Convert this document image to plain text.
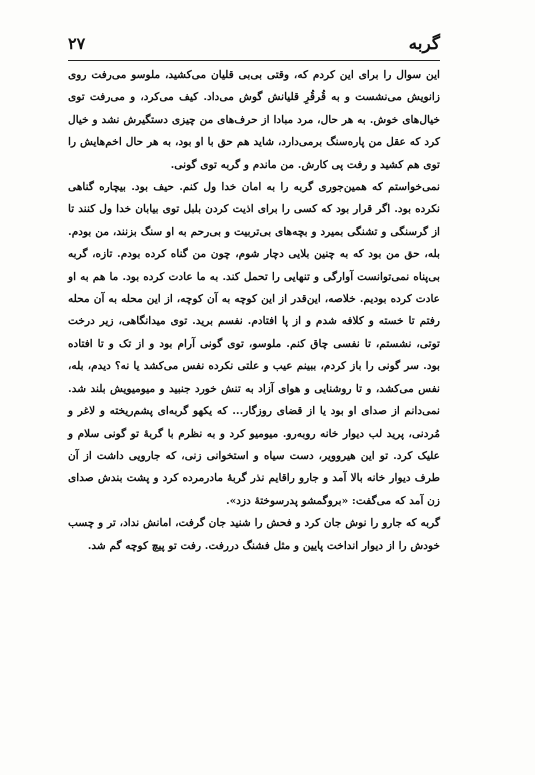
گربه
۲۷

این سوال را برای این کردم که، وقتی بی‌بی قلیان می‌کشید، ملوسو می‌رفت روی زانویش می‌نشست و به قُرقُرِ قلیانش گوش می‌داد. کیف می‌کرد، و می‌رفت توی خیال‌های خوش. به هر حال، مرد مبادا از حرف‌های من چیزی دستگیرش نشد و خیال کرد که عقل من پاره‌سنگ برمی‌دارد، شاید هم حق با او بود، به هر حال اخم‌هایش را توی هم کشید و رفت پی کارش. من ماندم و گربه توی گونی.

نمی‌خواستم که همین‌جوری گربه را به امان خدا ول کنم. حیف بود. بیچاره گناهی نکرده بود. اگر قرار بود که کسی را برای اذیت کردن بلبل توی بیابان خدا ول کنند تا از گرسنگی و تشنگی بمیرد و بچه‌های بی‌تربیت و بی‌رحم به او سنگ بزنند، من بودم. بله، حق من بود که به چنین بلایی دچار شوم، چون من گناه کرده بودم. تازه، گربه بی‌پناه نمی‌توانست آوارگی و تنهایی را تحمل کند. به ما عادت کرده بود. ما هم به او عادت کرده بودیم. خلاصه، این‌قدر از این کوچه به آن کوچه، از این محله به آن محله رفتم تا خسته و کلافه شدم و از پا افتادم. نفسم برید. توی میدانگاهی، زیر درخت توتی، نشستم، تا نفسی چاق کنم. ملوسو، توی گونی آرام بود و از تک و تا افتاده بود. سر گونی را باز کردم، ببینم عیب و علتی نکرده نفس می‌کشد یا نه؟ دیدم، بله، نفس می‌کشد، و تا روشنایی و هوای آزاد به تنش خورد جنبید و میومیویش بلند شد. نمی‌دانم از صدای او بود یا از قضای روزگار... که یکهو گربه‌ای پشم‌ریخته و لاغر و مُردنی، پرید لب دیوار خانه روبه‌رو. میومیو کرد و به نظرم با گربهٔ تو گونی سلام و علیک کرد. تو این هیروویر، دست سیاه و استخوانی زنی، که جارویی داشت از آن طرف دیوار خانه بالا آمد و جارو راقایم نذر گربهٔ مادرمرده کرد و پشت بندش صدای زن آمد که می‌گفت: «بروگمشو پدرسوختهٔ دزد».

گربه که جارو را نوش جان کرد و فحش را شنید جان گرفت، امانش نداد، تر و چسب خودش را از دیوار انداخت پایین و مثل فشنگ دررفت. رفت تو پیچ کوچه گم شد.
